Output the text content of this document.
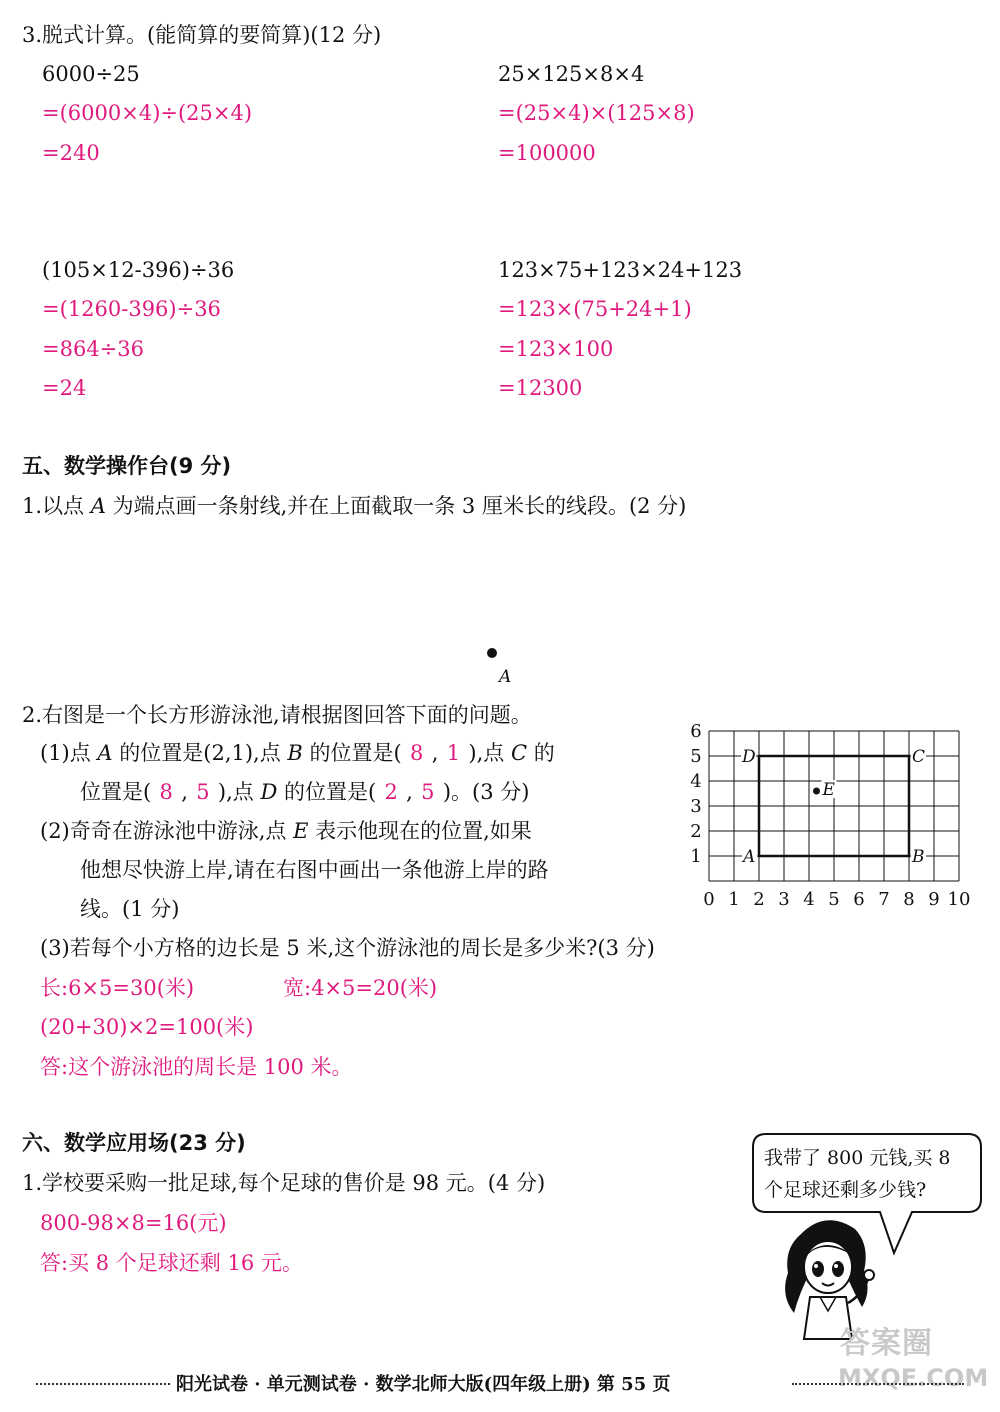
3.脱式计算。(能简算的要简算)(12 分)
6000÷25
=(6000×4)÷(25×4)
=240
25×125×8×4
=(25×4)×(125×8)
=100000
(105×12-396)÷36
=(1260-396)÷36
=864÷36
=24
123×75+123×24+123
=123×(75+24+1)
=123×100
=12300
五、数学操作台(9 分)
1.以点 A 为端点画一条射线,并在上面截取一条 3 厘米长的线段。(2 分)
A
2.右图是一个长方形游泳池,请根据图回答下面的问题。
(1)点 A 的位置是(2,1),点 B 的位置是( 8 , 1 ),点 C 的
位置是( 8 , 5 ),点 D 的位置是( 2 , 5 )。(3 分)
(2)奇奇在游泳池中游泳,点 E 表示他现在的位置,如果
他想尽快游上岸,请在右图中画出一条他游上岸的路
线。(1 分)
(3)若每个小方格的边长是 5 米,这个游泳池的周长是多少米?(3 分)
长:6×5=30(米)	宽:4×5=20(米)
(20+30)×2=100(米)
答:这个游泳池的周长是 100 米。
0 1 2 3 4 5 6 7 8 9 10
1
2
3
4
5
6
A	B
C
D
E
六、数学应用场(23 分)
1.学校要采购一批足球,每个足球的售价是 98 元。(4 分)
800-98×8=16(元)
答:买 8 个足球还剩 16 元。
我带了 800 元钱,买 8
个足球还剩多少钱?
答案圈
MXQE.COM
阳光试卷 · 单元测试卷 · 数学北师大版(四年级上册) 第 55 页
